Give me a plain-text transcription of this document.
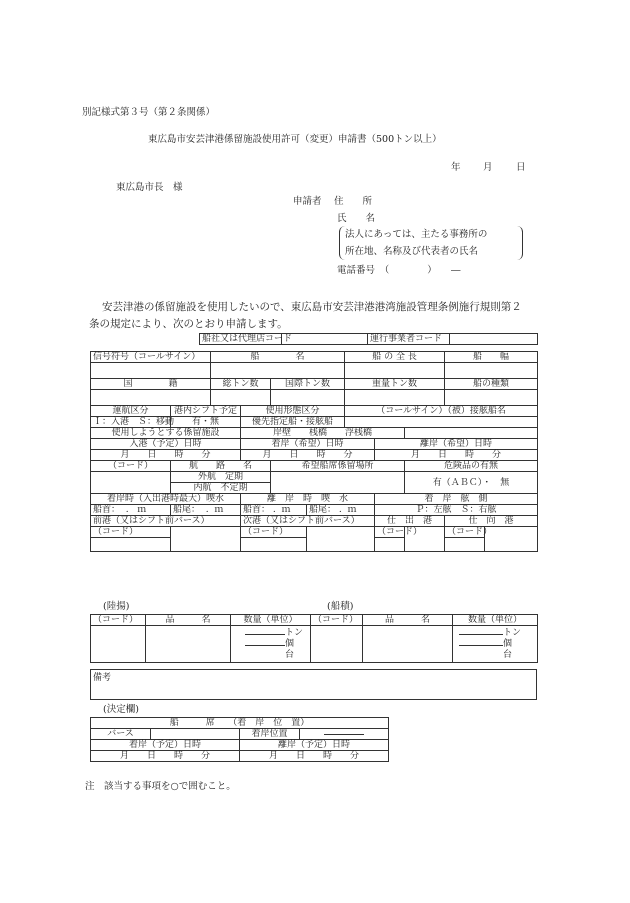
別記様式第３号（第２条関係）
東広島市安芸津港係留施設使用許可（変更）申請書（500トン以上）
年 月 日
東広島市長　様
申請者 住　　所
氏　　名
法人にあっては、主たる事務所の
所在地、名称及び代表者の氏名
電話番号　（　　　　）　　―
安芸津港の係留施設を使用したいので、東広島市安芸津港港湾施設管理条例施行規則第２
条の規定により、次のとおり申請します。
船社又は代理店コード		運行事業者コード	
信号符号（コールサイン）		船　　　　名				船 の 全 長			船　　幅	

国　　　　籍		総トン数		国際トン数		重量トン数			船の種類	

運航区分	港内シフト予定		使用形態区分			（コールサイン）（被）接舷船名				
Ｉ：入港　Ｓ：移動	有・無		優先指定船・接舷船							
使用しようとする係留施設			岸壁　　桟橋　　浮桟橋							
入港（予定）日時			着岸（希望）日時				離岸（希望）日時			
月　　日　　時　　分			月　　日　　時　　分				月　　日　　時　　分			
（コード）	航　　路　　名			希望船席係留場所				危険品の有無		
	外航　定期							有（ＡＢＣ）・　無		
	内航　不定期									
着岸時（入出港時最大）喫水			離　岸　時　喫　水				着　岸　舷　側			
船首： . ｍ	船尾： . ｍ		船首： . ｍ		船尾： . ｍ		Ｐ：左舷　Ｓ：右舷			
前港（又はシフト前バース）			次港（又はシフト前バース）				仕　出　港		仕　向　港	
（コード）			（コード）				（コード）		（コード）	

(陸揚)	(船積)
（コード）	品　　　名	数量（単位）	（コード）	品　　　名	数量（単位）
		トン
個
台			トン
個
台
備考
(決定欄)
船　　　席　　（着　岸　位　置）			
バース		着岸位置	

着岸（予定）日時		離岸（予定）日時	
月　　日　　時　　分		月　　日　　時　　分	
注　該当する事項を○で囲むこと。
